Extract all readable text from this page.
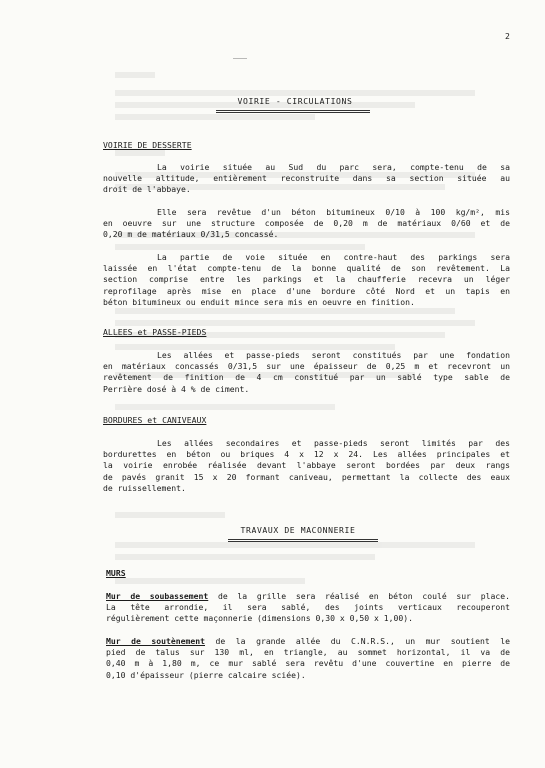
2
VOIRIE - CIRCULATIONS
VOIRIE DE DESSERTE
La voirie située au Sud du parc sera, compte-tenu de sa
nouvelle altitude, entièrement reconstruite dans sa section située au
droit de l'abbaye.
Elle sera revêtue d'un béton bitumineux 0/10 à 100 kg/m², mis
en oeuvre sur une structure composée de 0,20 m de matériaux 0/60 et de
0,20 m de matériaux 0/31,5 concassé.
La partie de voie située en contre-haut des parkings sera
laissée en l'état compte-tenu de la bonne qualité de son revêtement. La
section comprise entre les parkings et la chaufferie recevra un léger
reprofilage après mise en place d'une bordure côté Nord et un tapis en
béton bitumineux ou enduit mince sera mis en oeuvre en finition.
ALLEES et PASSE-PIEDS
Les allées et passe-pieds seront constitués par une fondation
en matériaux concassés 0/31,5 sur une épaisseur de 0,25 m et recevront un
revêtement de finition de 4 cm constitué par un sablé type sable de
Perrière dosé à 4 % de ciment.
BORDURES et CANIVEAUX
Les allées secondaires et passe-pieds seront limités par des
bordurettes en béton ou briques 4 x 12 x 24. Les allées principales et
la voirie enrobée réalisée devant l'abbaye seront bordées par deux rangs
de pavés granit 15 x 20 formant caniveau, permettant la collecte des eaux
de ruissellement.
TRAVAUX DE MACONNERIE
MURS
Mur de soubassement de la grille sera réalisé en béton coulé sur place.
La tête arrondie, il sera sablé, des joints verticaux recouperont
régulièrement cette maçonnerie (dimensions 0,30 x 0,50 x 1,00).
Mur de soutènement de la grande allée du C.N.R.S., un mur soutient le
pied de talus sur 130 ml, en triangle, au sommet horizontal, il va de
0,40 m à 1,80 m, ce mur sablé sera revêtu d'une couvertine en pierre de
0,10 d'épaisseur (pierre calcaire sciée).
